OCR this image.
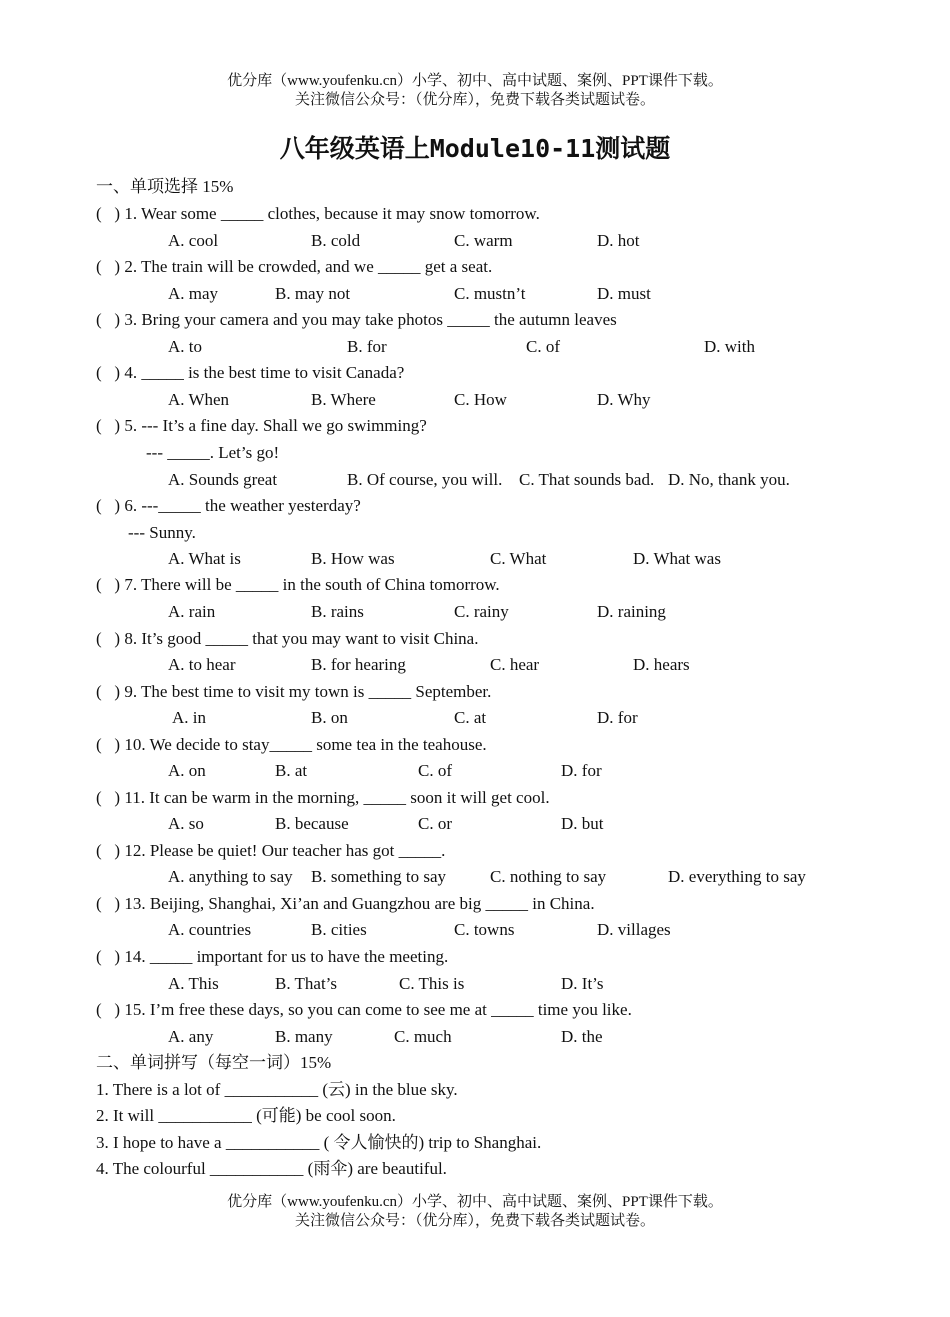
优分库（www.youfenku.cn）小学、初中、高中试题、案例、PPT课件下载。
关注微信公众号：（优分库），免费下载各类试题试卷。
八年级英语上Module10-11测试题
一、单项选择 15%
(   ) 1. Wear some _____ clothes, because it may snow tomorrow.
A. cool	B. cold	C. warm	D. hot
(   ) 2. The train will be crowded, and we _____ get a seat.
A. may	B. may not	C. mustn’t	D. must
(   ) 3. Bring your camera and you may take photos _____ the autumn leaves
A. to	B. for	C. of	D. with
(   ) 4. _____ is the best time to visit Canada?
A. When	B. Where	C. How	D. Why
(   ) 5. --- It’s a fine day. Shall we go swimming?
--- _____. Let’s go!
A. Sounds great	B. Of course, you will. C. That sounds bad. D. No, thank you.
(   ) 6. ---_____ the weather yesterday?
--- Sunny.
A. What is	B. How was	C. What	D. What was
(   ) 7. There will be _____ in the south of China tomorrow.
A. rain	B. rains	C. rainy	D. raining
(   ) 8. It’s good _____ that you may want to visit China.
A. to hear	B. for hearing	C. hear	D. hears
(   ) 9. The best time to visit my town is _____ September.
A. in	B. on	C. at	D. for
(   ) 10. We decide to stay_____ some tea in the teahouse.
A. on	B. at	C. of	D. for
(   ) 11. It can be warm in the morning, _____ soon it will get cool.
A. so	B. because	C. or	D. but
(   ) 12. Please be quiet! Our teacher has got _____.
A. anything to say B. something to say	C. nothing to say	D. everything to say
(   ) 13. Beijing, Shanghai, Xi’an and Guangzhou are big _____ in China.
A. countries	B. cities	C. towns	D. villages
(   ) 14. _____ important for us to have the meeting.
A. This	B. That’s	C. This is	D. It’s
(   ) 15. I’m free these days, so you can come to see me at _____ time you like.
A. any	B. many	C. much	D. the
二、单词拼写（每空一词）15%
1. There is a lot of ___________ (云) in the blue sky.
2. It will ___________ (可能) be cool soon.
3. I hope to have a ___________ ( 令人愉快的) trip to Shanghai.
4. The colourful ___________ (雨伞) are beautiful.
优分库（www.youfenku.cn）小学、初中、高中试题、案例、PPT课件下载。
关注微信公众号：（优分库），免费下载各类试题试卷。
